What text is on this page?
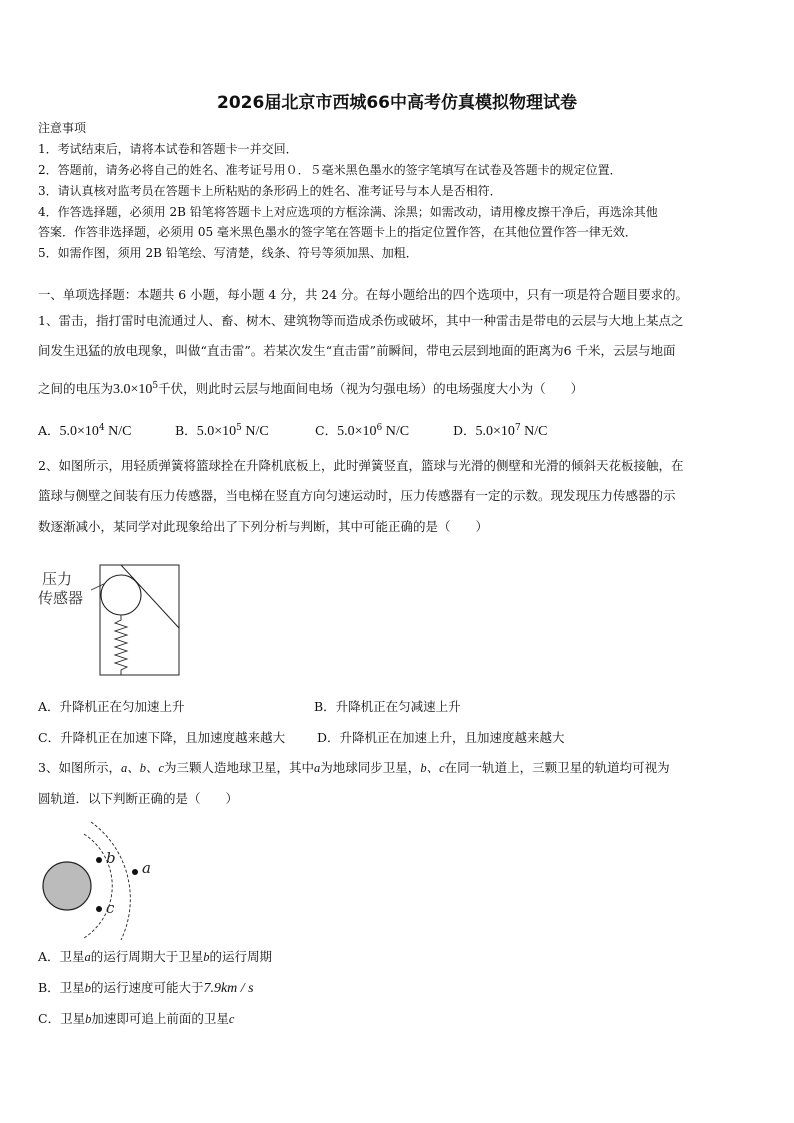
2026届北京市西城66中高考仿真模拟物理试卷
注意事项
1．考试结束后，请将本试卷和答题卡一并交回．
2．答题前，请务必将自己的姓名、准考证号用０．５毫米黑色墨水的签字笔填写在试卷及答题卡的规定位置．
3．请认真核对监考员在答题卡上所粘贴的条形码上的姓名、准考证号与本人是否相符．
4．作答选择题，必须用 2B 铅笔将答题卡上对应选项的方框涂满、涂黑；如需改动，请用橡皮擦干净后，再选涂其他
答案．作答非选择题，必须用 05 毫米黑色墨水的签字笔在答题卡上的指定位置作答，在其他位置作答一律无效．
5．如需作图，须用 2B 铅笔绘、写清楚，线条、符号等须加黑、加粗．
一、单项选择题：本题共 6 小题，每小题 4 分，共 24 分。在每小题给出的四个选项中，只有一项是符合题目要求的。
1、雷击，指打雷时电流通过人、畜、树木、建筑物等而造成杀伤或破坏，其中一种雷击是带电的云层与大地上某点之
间发生迅猛的放电现象，叫做“直击雷”。若某次发生“直击雷”前瞬间，带电云层到地面的距离为6 千米，云层与地面
之间的电压为$3.0\times 10^5$千伏，则此时云层与地面间电场（视为匀强电场）的电场强度大小为（　　）
A．$5.0\times 10^4$ N/C	B．$5.0\times 10^5$ N/C	C．$5.0\times 10^6$ N/C	D．$5.0\times 10^7$ N/C
2、如图所示，用轻质弹簧将篮球拴在升降机底板上，此时弹簧竖直，篮球与光滑的侧壁和光滑的倾斜天花板接触，在
篮球与侧壁之间装有压力传感器，当电梯在竖直方向匀速运动时，压力传感器有一定的示数。现发现压力传感器的示
数逐渐减小，某同学对此现象给出了下列分析与判断，其中可能正确的是（　　）
压力
传感器
A．升降机正在匀加速上升	B．升降机正在匀减速上升
C．升降机正在加速下降，且加速度越来越大	D．升降机正在加速上升，且加速度越来越大
3、如图所示，a、b、c为三颗人造地球卫星，其中a为地球同步卫星，b、c在同一轨道上，三颗卫星的轨道均可视为
圆轨道．以下判断正确的是（　　）
b
a
c
A．卫星a的运行周期大于卫星b的运行周期
B．卫星b的运行速度可能大于7.9km / s
C．卫星b加速即可追上前面的卫星c
